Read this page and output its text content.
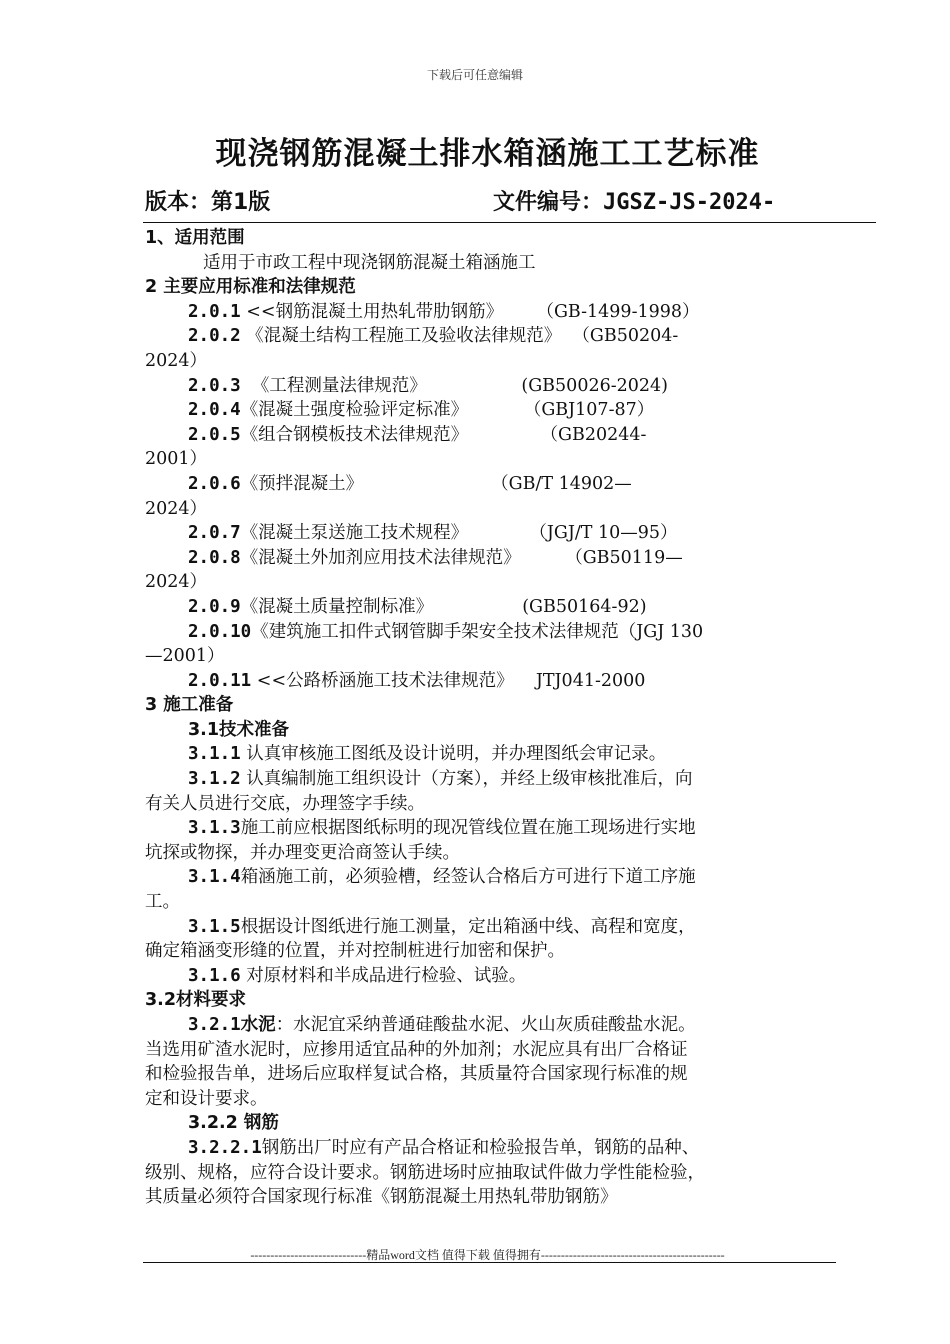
下载后可任意编辑
现浇钢筋混凝土排水箱涵施工工艺标准
版本：第1版	文件编号：JGSZ-JS-2024-
1、适用范围
适用于市政工程中现浇钢筋混凝土箱涵施工
2 主要应用标准和法律规范
2.0.1 <<钢筋混凝土用热轧带肋钢筋》      （GB-1499-1998）
2.0.2 《混凝土结构工程施工及验收法律规范》  （GB50204-
2024）
2.0.3  《工程测量法律规范》                 (GB50026-2024)
2.0.4《混凝土强度检验评定标准》          （GBJ107-87）
2.0.5《组合钢模板技术法律规范》             （GB20244-
2001）
2.0.6《预拌混凝土》                       （GB/T 14902—
2024）
2.0.7《混凝土泵送施工技术规程》           （JGJ/T 10—95）
2.0.8《混凝土外加剂应用技术法律规范》        （GB50119—
2024）
2.0.9《混凝土质量控制标准》                (GB50164-92)
2.0.10《建筑施工扣件式钢管脚手架安全技术法律规范（JGJ 130
—2001）
2.0.11 <<公路桥涵施工技术法律规范》    JTJ041-2000
3 施工准备
3.1技术准备
3.1.1 认真审核施工图纸及设计说明，并办理图纸会审记录。
3.1.2 认真编制施工组织设计（方案），并经上级审核批准后，向
有关人员进行交底，办理签字手续。
3.1.3施工前应根据图纸标明的现况管线位置在施工现场进行实地
坑探或物探，并办理变更洽商签认手续。
3.1.4箱涵施工前，必须验槽，经签认合格后方可进行下道工序施
工。
3.1.5根据设计图纸进行施工测量，定出箱涵中线、高程和宽度，
确定箱涵变形缝的位置，并对控制桩进行加密和保护。
3.1.6 对原材料和半成品进行检验、试验。
3.2材料要求
3.2.1水泥：水泥宜采纳普通硅酸盐水泥、火山灰质硅酸盐水泥。
当选用矿渣水泥时，应掺用适宜品种的外加剂；水泥应具有出厂合格证
和检验报告单，进场后应取样复试合格，其质量符合国家现行标准的规
定和设计要求。
3.2.2 钢筋
3.2.2.1钢筋出厂时应有产品合格证和检验报告单，钢筋的品种、
级别、规格，应符合设计要求。钢筋进场时应抽取试件做力学性能检验，
其质量必须符合国家现行标准《钢筋混凝土用热轧带肋钢筋》
-----------------------------精品word文档 值得下载 值得拥有----------------------------------------------
